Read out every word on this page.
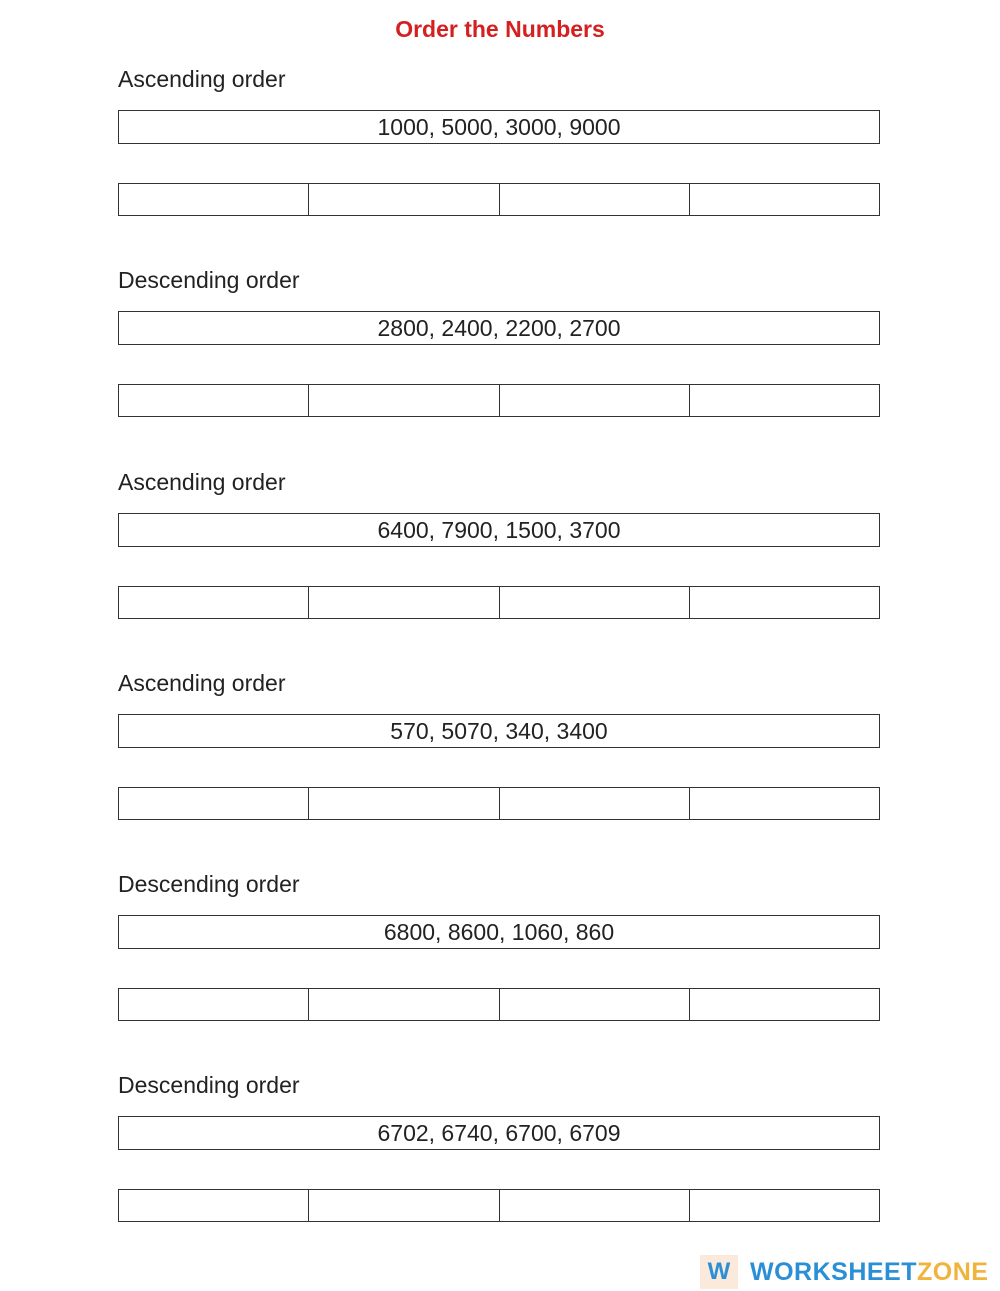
Order the Numbers
Ascending order
1000, 5000, 3000, 9000
Descending order
2800, 2400, 2200, 2700
Ascending order
6400, 7900, 1500, 3700
Ascending order
570, 5070, 340, 3400
Descending order
6800, 8600, 1060, 860
Descending order
6702, 6740, 6700, 6709
W WORKSHEETZONE
